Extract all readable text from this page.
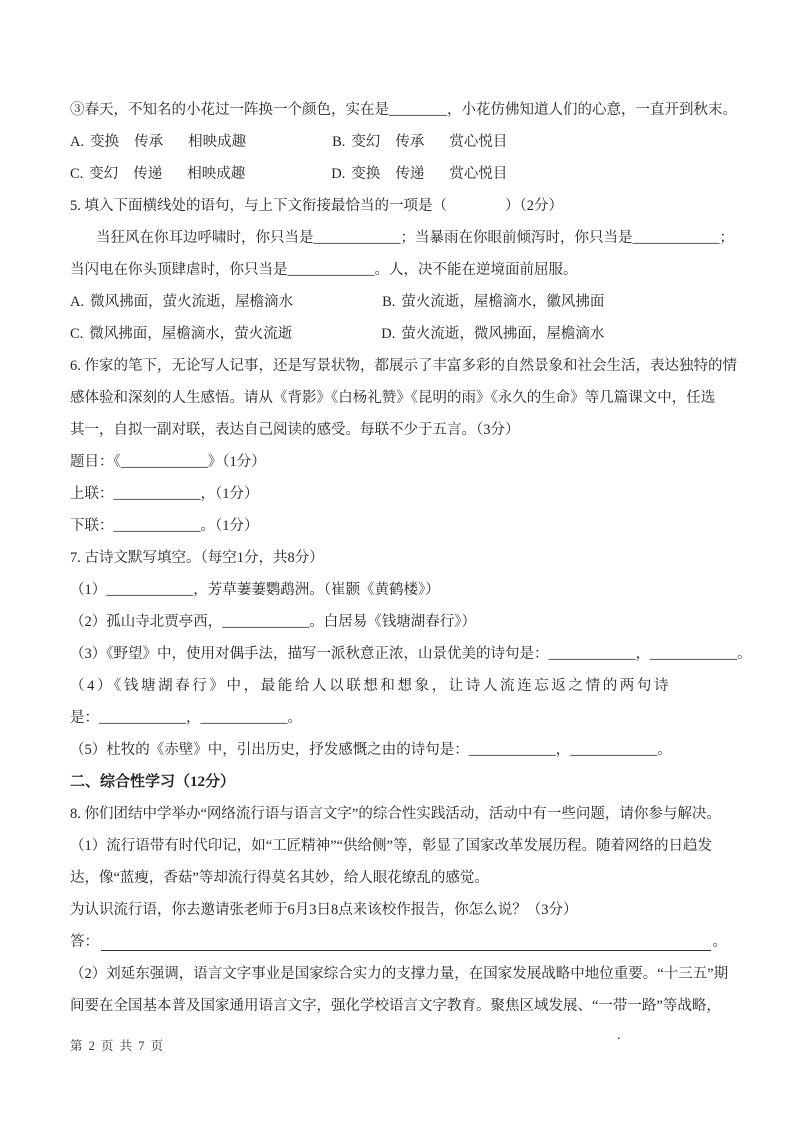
③春天，不知名的小花过一阵换一个颜色，实在是________，小花仿佛知道人们的心意，一直开到秋末。
A. 变换	传承	相映成趣	B. 变幻	传承	赏心悦目
C. 变幻	传递	相映成趣	D. 变换	传递	赏心悦目
5. 填入下面横线处的语句，与上下文衔接最恰当的一项是（　　　　）（2分）
当狂风在你耳边呼啸时，你只当是____________；当暴雨在你眼前倾泻时，你只当是____________；
当闪电在你头顶肆虐时，你只当是____________。人，决不能在逆境面前屈服。
A. 微风拂面，萤火流逝，屋檐滴水	B. 萤火流逝，屋檐滴水，徽风拂面
C. 微风拂面，屋檐滴水，萤火流逝	D. 萤火流逝，微风拂面，屋檐滴水
6. 作家的笔下，无论写人记事，还是写景状物，都展示了丰富多彩的自然景象和社会生活，表达独特的情
感体验和深刻的人生感悟。请从《背影》《白杨礼赞》《昆明的雨》《永久的生命》等几篇课文中，任选
其一，自拟一副对联，表达自己阅读的感受。每联不少于五言。（3分）
题目：《____________》（1分）
上联：____________，（1分）
下联：____________。（1分）
7. 古诗文默写填空。（每空1分，共8分）
（1）____________，芳草萋萋鹦鹉洲。（崔颢《黄鹤楼》）
（2）孤山寺北贾亭西，____________。白居易《钱塘湖春行》）
（3）《野望》中，使用对偶手法，描写一派秋意正浓，山景优美的诗句是：____________，____________。
（4）《钱塘湖春行》中，最能给人以联想和想象，让诗人流连忘返之情的两句诗
是：____________，____________。
（5）杜牧的《赤壁》中，引出历史，抒发感慨之由的诗句是：____________，____________。
二、综合性学习（12分）
8. 你们团结中学举办“网络流行语与语言文字”的综合性实践活动，活动中有一些问题，请你参与解决。
（1）流行语带有时代印记，如“工匠精神”“供给侧”等，彰显了国家改革发展历程。随着网络的日趋发
达，像“蓝瘦，香菇”等却流行得莫名其妙，给人眼花缭乱的感觉。
为认识流行语，你去邀请张老师于6月3日8点来该校作报告，你怎么说？（3分）
答：	。
（2）刘延东强调，语言文字事业是国家综合实力的支撑力量，在国家发展战略中地位重要。“十三五”期
间要在全国基本普及国家通用语言文字，强化学校语言文字教育。聚焦区域发展、“一带一路”等战略，
第 2 页 共 7 页
.
